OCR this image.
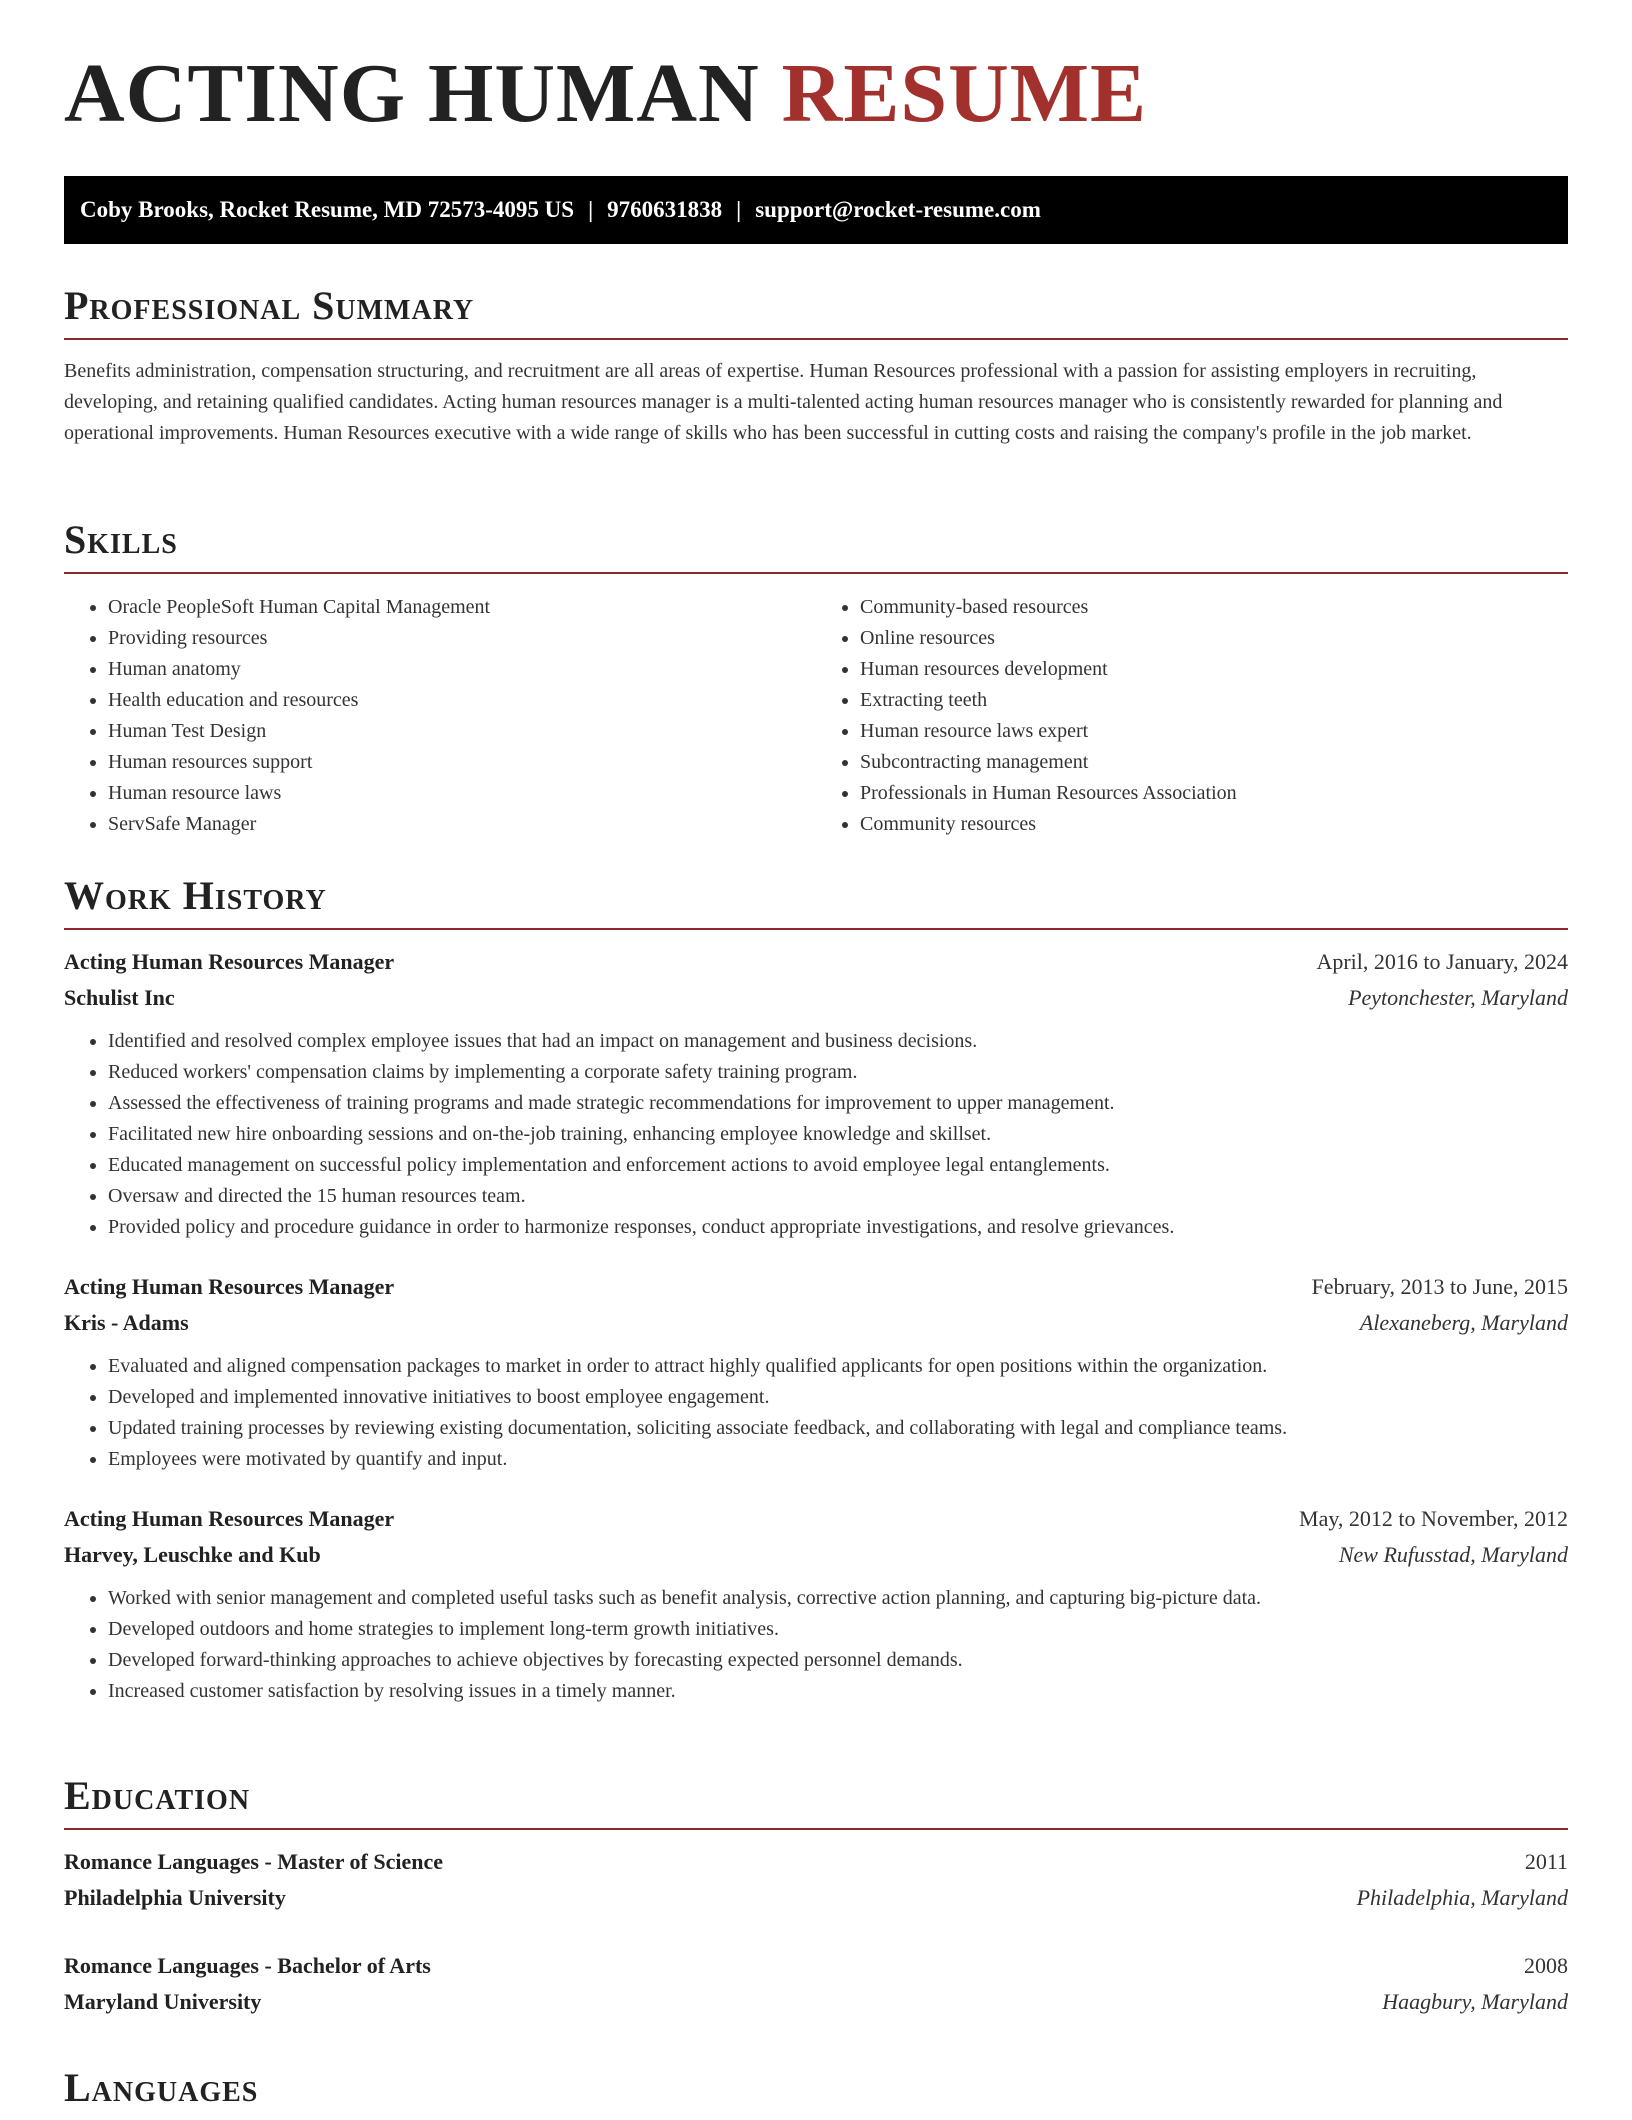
ACTING HUMAN RESUME
Coby Brooks, Rocket Resume, MD 72573-4095 US | 9760631838 | support@rocket-resume.com
Professional Summary

Benefits administration, compensation structuring, and recruitment are all areas of expertise. Human Resources professional with a passion for assisting employers in recruiting, developing, and retaining qualified candidates. Acting human resources manager is a multi-talented acting human resources manager who is consistently rewarded for planning and operational improvements. Human Resources executive with a wide range of skills who has been successful in cutting costs and raising the company's profile in the job market.

Skills
• Oracle PeopleSoft Human Capital Management
• Providing resources
• Human anatomy
• Health education and resources
• Human Test Design
• Human resources support
• Human resource laws
• ServSafe Manager
• Community-based resources
• Online resources
• Human resources development
• Extracting teeth
• Human resource laws expert
• Subcontracting management
• Professionals in Human Resources Association
• Community resources
Work History
Acting Human Resources Manager	April, 2016 to January, 2024
Schulist Inc	Peytonchester, Maryland
• Identified and resolved complex employee issues that had an impact on management and business decisions.
• Reduced workers' compensation claims by implementing a corporate safety training program.
• Assessed the effectiveness of training programs and made strategic recommendations for improvement to upper management.
• Facilitated new hire onboarding sessions and on-the-job training, enhancing employee knowledge and skillset.
• Educated management on successful policy implementation and enforcement actions to avoid employee legal entanglements.
• Oversaw and directed the 15 human resources team.
• Provided policy and procedure guidance in order to harmonize responses, conduct appropriate investigations, and resolve grievances.
Acting Human Resources Manager	February, 2013 to June, 2015
Kris - Adams	Alexaneberg, Maryland
• Evaluated and aligned compensation packages to market in order to attract highly qualified applicants for open positions within the organization.
• Developed and implemented innovative initiatives to boost employee engagement.
• Updated training processes by reviewing existing documentation, soliciting associate feedback, and collaborating with legal and compliance teams.
• Employees were motivated by quantify and input.
Acting Human Resources Manager	May, 2012 to November, 2012
Harvey, Leuschke and Kub	New Rufusstad, Maryland
• Worked with senior management and completed useful tasks such as benefit analysis, corrective action planning, and capturing big-picture data.
• Developed outdoors and home strategies to implement long-term growth initiatives.
• Developed forward-thinking approaches to achieve objectives by forecasting expected personnel demands.
• Increased customer satisfaction by resolving issues in a timely manner.
Education
Romance Languages - Master of Science	2011
Philadelphia University	Philadelphia, Maryland
Romance Languages - Bachelor of Arts	2008
Maryland University	Haagbury, Maryland
Languages
